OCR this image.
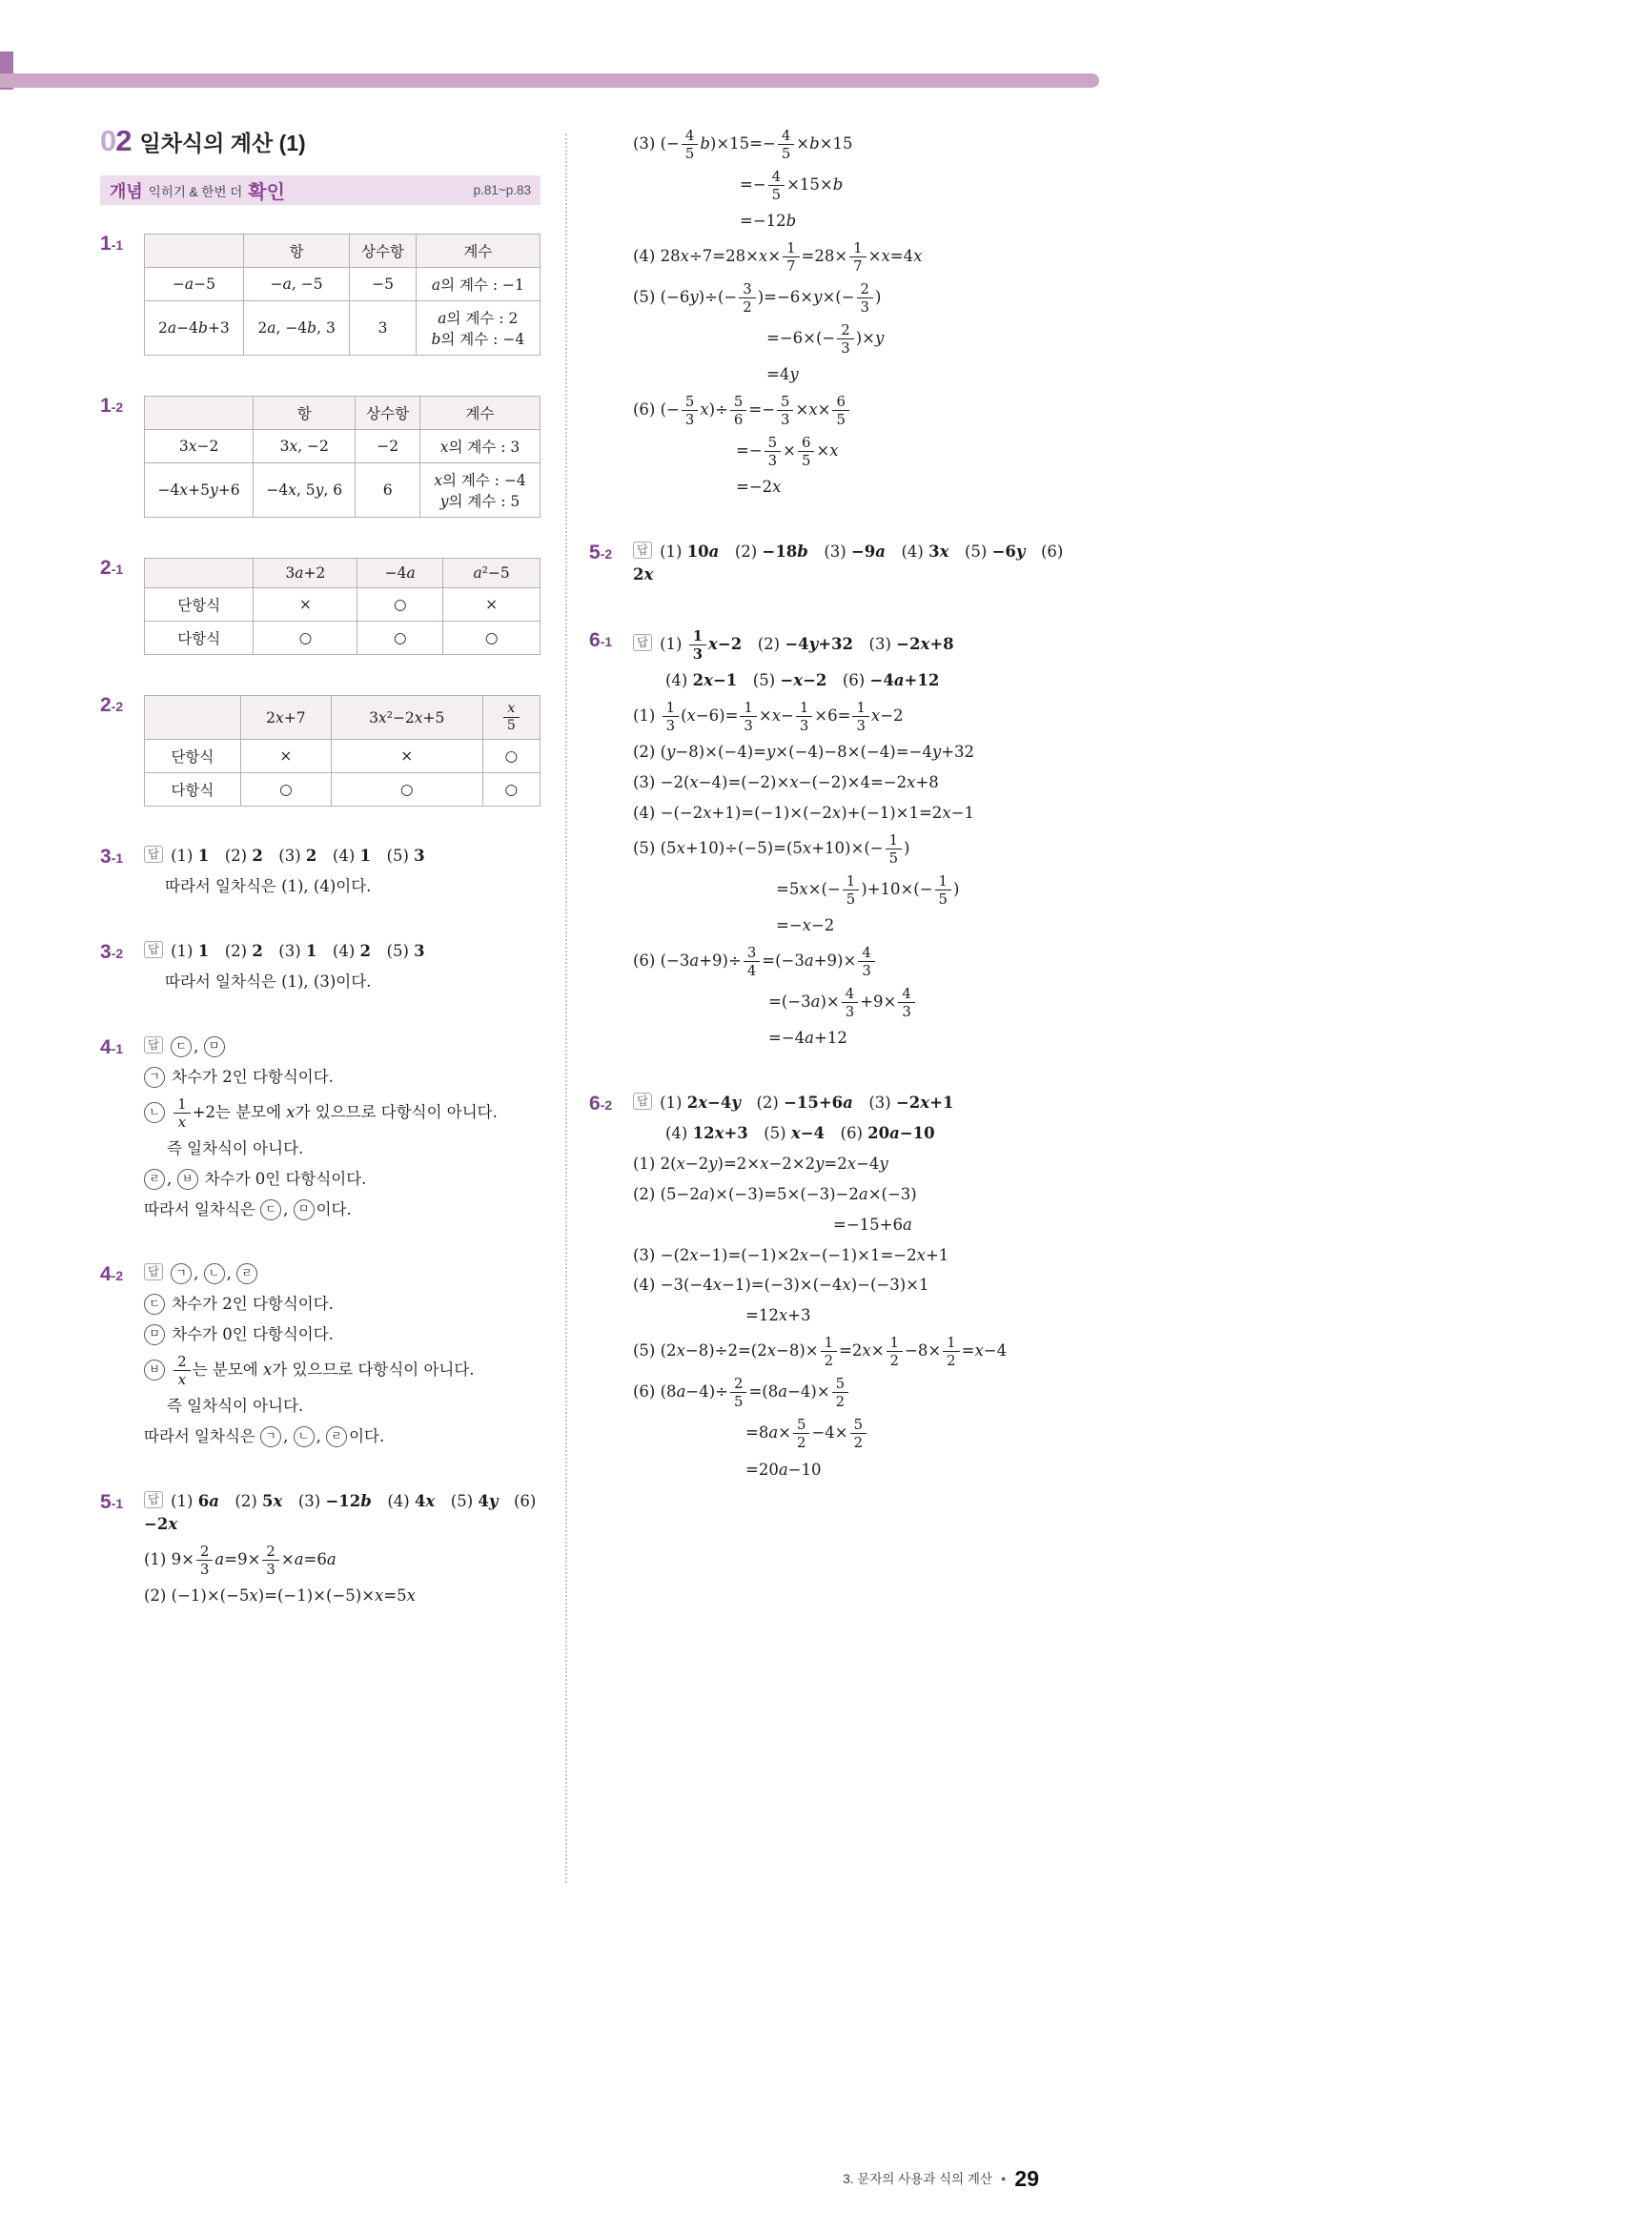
0 2 일차식의 계산 (1)
개념 익히기 & 한번 더 확인	p.81~p.83
1-1
		항	상수항	계수
−a−5	−a, −5	−5	a의 계수 : −1
2a−4b+3	2a, −4b, 3	3	a의 계수 : 2
b의 계수 : −4
1-2
		항	상수항	계수
3x−2	3x, −2	−2	x의 계수 : 3
−4x+5y+6	−4x, 5y, 6	6	x의 계수 : −4
y의 계수 : 5
2-1
		3a+2	−4a	a²−5
단항식	×	○	×
다항식	○	○	○
2-2
	2x+7	3x²−2x+5	$\frac{x}{5}$

단항식	×	×	○
다항식	○	○	○
3-1	답 (1) 1 (2) 2 (3) 2 (4) 1 (5) 3
따라서 일차식은 (1), (4)이다.
3-2	답 (1) 1 (2) 2 (3) 1 (4) 2 (5) 3
따라서 일차식은 (1), (3)이다.
4-1	답 ㄷ , ㅁ
ㄱ 차수가 2인 다항식이다.
ㄴ $\frac{1}{x} +2$는 분모에 x가 있으므로 다항식이 아니다.
즉 일차식이 아니다.
ㄹ , ㅂ 차수가 0인 다항식이다.
따라서 일차식은 ㄷ , ㅁ 이다.
4-2	답 ㄱ , ㄴ , ㄹ
ㄷ 차수가 2인 다항식이다.
ㅁ 차수가 0인 다항식이다.
ㅂ $\frac{2}{x}$ 는 분모에 x가 있으므로 다항식이 아니다.
즉 일차식이 아니다.
따라서 일차식은 ㄱ , ㄴ , ㄹ 이다.
5-1	답 (1) 6a (2) 5x (3) −12b (4) 4x (5) 4y (6) −2x
(1) $9\times \frac{2}{3} a=9\times \frac{2}{3} \times a=6a$
(2) (−1)×(−5x)=(−1)×(−5)×x=5x
(3) (− $\frac{4}{5} b)\times 15=- \frac{4}{5} \times b\times 15$
=− $\frac{4}{5} \times 15\times b$
=−12b
(4) $28x\div 7=28\times x\times \frac{1}{7} =28\times \frac{1}{7} \times x=4x$
(5) $(-6y)\div(- \frac{3}{2} )=-6\times y\times(- \frac{2}{3}$ )
$=-6\times(- \frac{2}{3} )\times y$
=4y
(6) (− $\frac{5}{3} x)\div \frac{5}{6} =- \frac{5}{3} \times x\times \frac{6}{5}$
=− $\frac{5}{3} \times \frac{6}{5} \times x$
=−2x
5-2	답 (1) 10a (2) −18b (3) −9a (4) 3x (5) −6y (6) 2x
6-1	답 $(1) \frac{1}{3} x-2$ (2) −4y+32 (3) −2x+8
(4) 2x−1 (5) −x−2 (6) −4a+12
$(1) \frac{1}{3} (x-6)= \frac{1}{3} \times x- \frac{1}{3} \times 6= \frac{1}{3} x-2$
(2) (y−8)×(−4)=y×(−4)−8×(−4)=−4y+32
(3) −2(x−4)=(−2)×x−(−2)×4=−2x+8
(4) −(−2x+1)=(−1)×(−2x)+(−1)×1=2x−1
(5) $(5x+10)\div(-5)=(5x+10)\times(- \frac{1}{5}$ )
$=5x\times(- \frac{1}{5} )+10\times(- \frac{1}{5}$ )
=−x−2
(6) $(-3a+9)\div \frac{3}{4} =(-3a+9)\times \frac{4}{3}$
$=(-3a)\times \frac{4}{3} +9\times \frac{4}{3}$
=−4a+12
6-2	답 (1) 2x−4y (2) −15+6a (3) −2x+1
(4) 12x+3 (5) x−4 (6) 20a−10
(1) 2(x−2y)=2×x−2×2y=2x−4y
(2) (5−2a)×(−3)=5×(−3)−2a×(−3)
=−15+6a
(3) −(2x−1)=(−1)×2x−(−1)×1=−2x+1
(4) −3(−4x−1)=(−3)×(−4x)−(−3)×1
=12x+3
(5) $(2x-8)\div 2=(2x-8)\times \frac{1}{2} =2x\times \frac{1}{2} -8\times \frac{1}{2} =x-4$
(6) $(8a-4)\div \frac{2}{5} =(8a-4)\times \frac{5}{2}$
$=8a\times \frac{5}{2} -4\times \frac{5}{2}$
=20a−10
3. 문자의 사용과 식의 계산 ● 29
